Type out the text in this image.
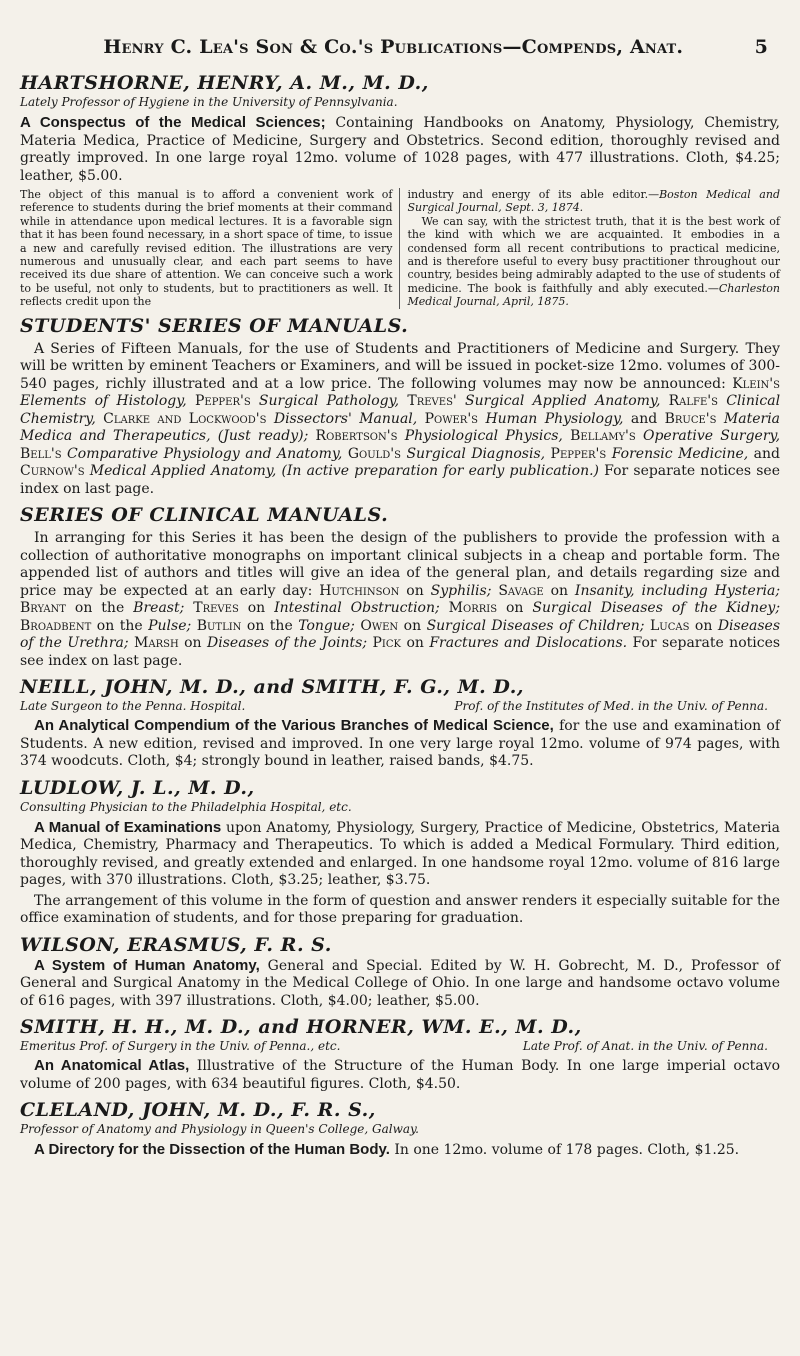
Henry C. Lea's Son & Co.'s Publications—Compends, Anat.	5
HARTSHORNE, HENRY, A. M., M. D.,
Lately Professor of Hygiene in the University of Pennsylvania.

A Conspectus of the Medical Sciences; Containing Handbooks on Anatomy, Physiology, Chemistry, Materia Medica, Practice of Medicine, Surgery and Obstetrics. Second edition, thoroughly revised and greatly improved. In one large royal 12mo. volume of 1028 pages, with 477 illustrations. Cloth, $4.25; leather, $5.00.

The object of this manual is to afford a convenient work of reference to students during the brief moments at their command while in attendance upon medical lectures. It is a favorable sign that it has been found necessary, in a short space of time, to issue a new and carefully revised edition. The illustrations are very numerous and unusually clear, and each part seems to have received its due share of attention. We can conceive such a work to be useful, not only to students, but to practitioners as well. It reflects credit upon the
industry and energy of its able editor.—Boston Medical and Surgical Journal, Sept. 3, 1874.
We can say, with the strictest truth, that it is the best work of the kind with which we are acquainted. It embodies in a condensed form all recent contributions to practical medicine, and is therefore useful to every busy practitioner throughout our country, besides being admirably adapted to the use of students of medicine. The book is faithfully and ably executed.—Charleston Medical Journal, April, 1875.
STUDENTS' SERIES OF MANUALS.

A Series of Fifteen Manuals, for the use of Students and Practitioners of Medicine and Surgery. They will be written by eminent Teachers or Examiners, and will be issued in pocket-size 12mo. volumes of 300-540 pages, richly illustrated and at a low price. The following volumes may now be announced: Klein's Elements of Histology, Pepper's Surgical Pathology, Treves' Surgical Applied Anatomy, Ralfe's Clinical Chemistry, Clarke and Lockwood's Dissectors' Manual, Power's Human Physiology, and Bruce's Materia Medica and Therapeutics, (Just ready); Robertson's Physiological Physics, Bellamy's Operative Surgery, Bell's Comparative Physiology and Anatomy, Gould's Surgical Diagnosis, Pepper's Forensic Medicine, and Curnow's Medical Applied Anatomy, (In active preparation for early publication.) For separate notices see index on last page.

SERIES OF CLINICAL MANUALS.

In arranging for this Series it has been the design of the publishers to provide the profession with a collection of authoritative monographs on important clinical subjects in a cheap and portable form. The appended list of authors and titles will give an idea of the general plan, and details regarding size and price may be expected at an early day: Hutchinson on Syphilis; Savage on Insanity, including Hysteria; Bryant on the Breast; Treves on Intestinal Obstruction; Morris on Surgical Diseases of the Kidney; Broadbent on the Pulse; Butlin on the Tongue; Owen on Surgical Diseases of Children; Lucas on Diseases of the Urethra; Marsh on Diseases of the Joints; Pick on Fractures and Dislocations. For separate notices see index on last page.

NEILL, JOHN, M. D., and SMITH, F. G., M. D.,
Late Surgeon to the Penna. Hospital.	Prof. of the Institutes of Med. in the Univ. of Penna.

An Analytical Compendium of the Various Branches of Medical Science, for the use and examination of Students. A new edition, revised and improved. In one very large royal 12mo. volume of 974 pages, with 374 woodcuts. Cloth, $4; strongly bound in leather, raised bands, $4.75.

LUDLOW, J. L., M. D.,
Consulting Physician to the Philadelphia Hospital, etc.

A Manual of Examinations upon Anatomy, Physiology, Surgery, Practice of Medicine, Obstetrics, Materia Medica, Chemistry, Pharmacy and Therapeutics. To which is added a Medical Formulary. Third edition, thoroughly revised, and greatly extended and enlarged. In one handsome royal 12mo. volume of 816 large pages, with 370 illustrations. Cloth, $3.25; leather, $3.75.

The arrangement of this volume in the form of question and answer renders it especially suitable for the office examination of students, and for those preparing for graduation.

WILSON, ERASMUS, F. R. S.

A System of Human Anatomy, General and Special. Edited by W. H. Gobrecht, M. D., Professor of General and Surgical Anatomy in the Medical College of Ohio. In one large and handsome octavo volume of 616 pages, with 397 illustrations. Cloth, $4.00; leather, $5.00.

SMITH, H. H., M. D., and HORNER, WM. E., M. D.,
Emeritus Prof. of Surgery in the Univ. of Penna., etc.	Late Prof. of Anat. in the Univ. of Penna.

An Anatomical Atlas, Illustrative of the Structure of the Human Body. In one large imperial octavo volume of 200 pages, with 634 beautiful figures. Cloth, $4.50.

CLELAND, JOHN, M. D., F. R. S.,
Professor of Anatomy and Physiology in Queen's College, Galway.

A Directory for the Dissection of the Human Body. In one 12mo. volume of 178 pages. Cloth, $1.25.
